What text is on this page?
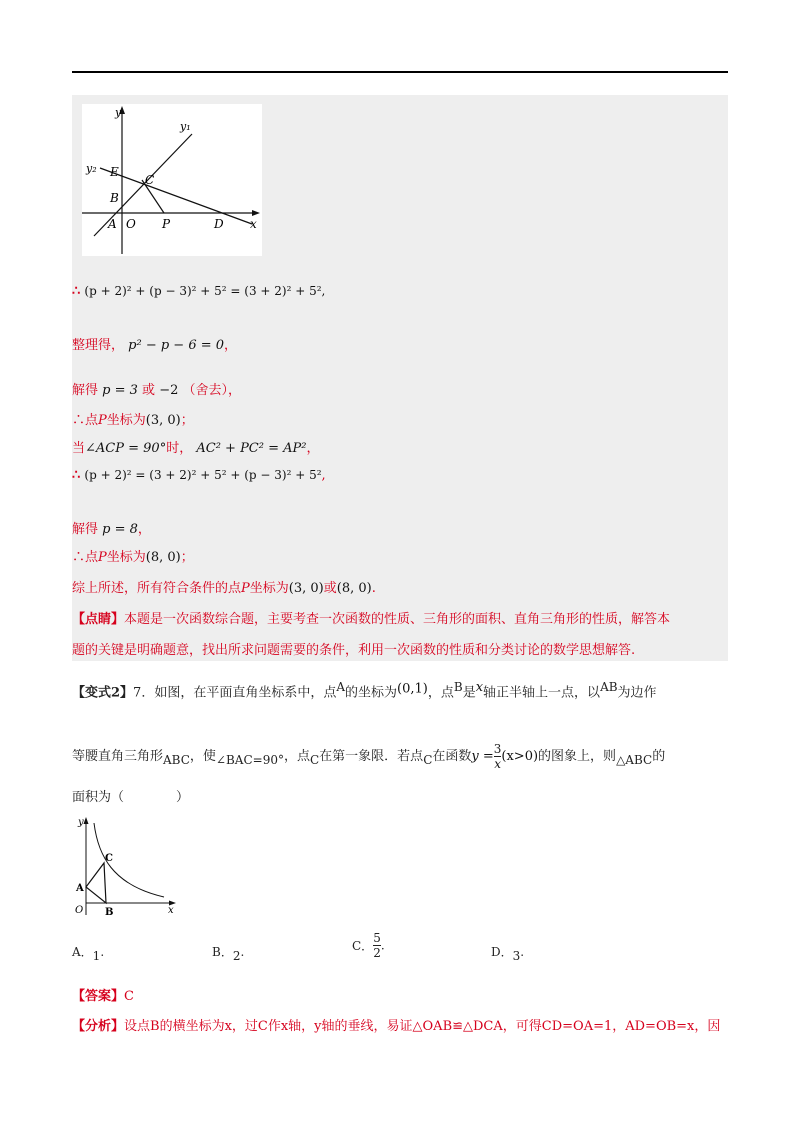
y
y₁
y₂ E
C
B
A O P	D x
∴ (p + 2)² + (p − 3)² + 5² = (3 + 2)² + 5²,
整理得， p² − p − 6 = 0，
解得 p = 3 或 −2 （舍去），
∴点P坐标为(3, 0)；
当∠ACP = 90°时， AC² + PC² = AP²，
∴ (p + 2)² = (3 + 2)² + 5² + (p − 3)² + 5²,
解得 p = 8，
∴点P坐标为(8, 0)；
综上所述，所有符合条件的点P坐标为(3, 0)或(8, 0).
【点睛】本题是一次函数综合题，主要考查一次函数的性质、三角形的面积、直角三角形的性质，解答本
题的关键是明确题意，找出所求问题需要的条件，利用一次函数的性质和分类讨论的数学思想解答.
【变式2】7．如图，在平面直角坐标系中，点A的坐标为(0,1)，点B是x轴正半轴上一点，以AB为边作
等腰直角三角形ABC，使∠BAC=90°，点C在第一象限．若点C在函数$y = \frac{3}{x} (x>0)$的图象上，则△ABC的
面积为（　　　　）
C
A
O B
y
x
A．1.	B．2.	C． $\frac{5}{2}$ .	D．3.
【答案】C
【分析】设点B的横坐标为x，过C作x轴，y轴的垂线，易证△OAB≌△DCA，可得CD=OA=1，AD=OB=x，因
